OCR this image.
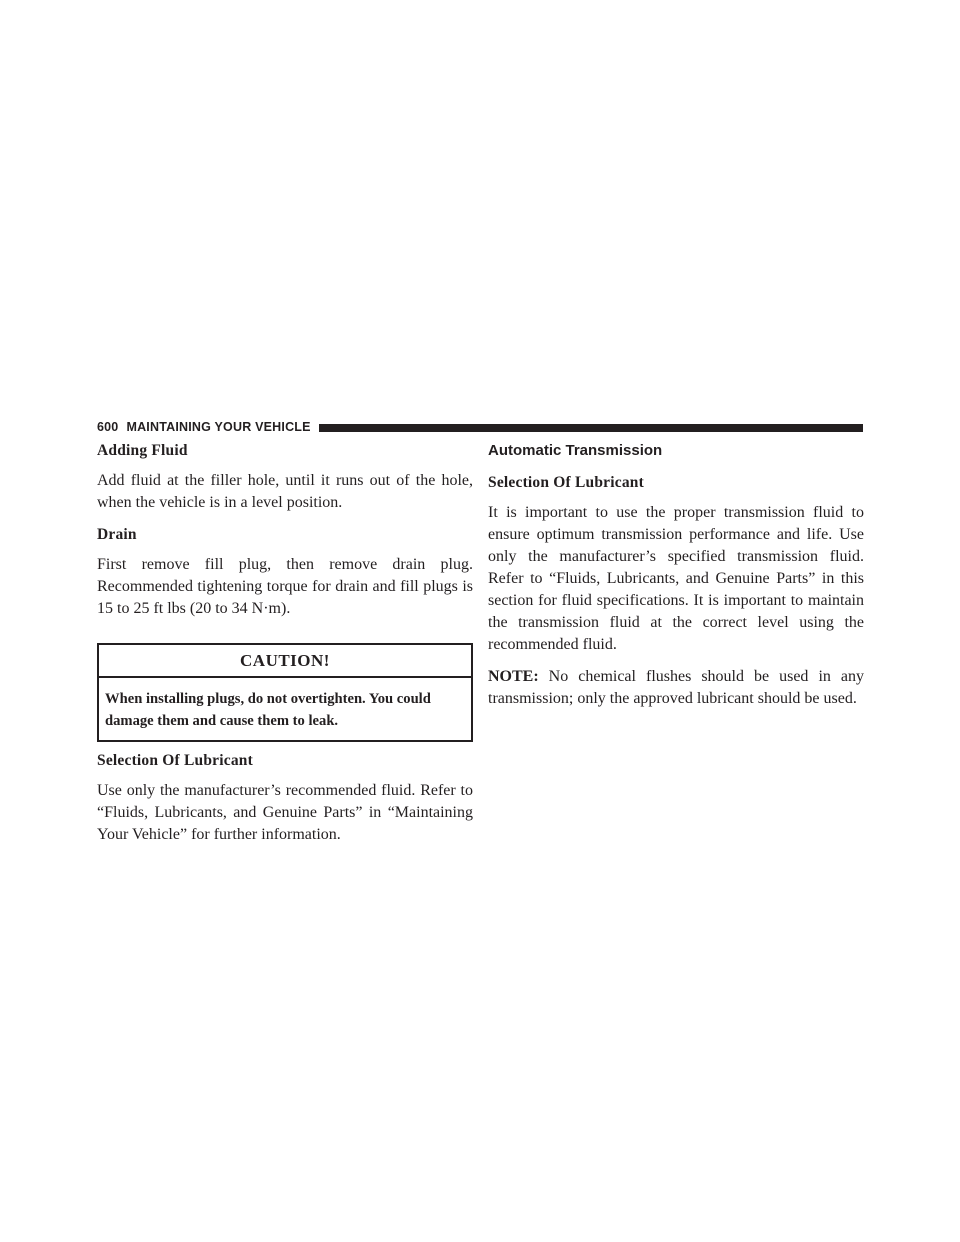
600 MAINTAINING YOUR VEHICLE

Adding Fluid

Add fluid at the filler hole, until it runs out of the hole, when the vehicle is in a level position.

Drain

First remove fill plug, then remove drain plug. Recommended tightening torque for drain and fill plugs is 15 to 25 ft lbs (20 to 34 N·m).

CAUTION!
When installing plugs, do not overtighten. You could damage them and cause them to leak.

Selection Of Lubricant

Use only the manufacturer’s recommended fluid. Refer to “Fluids, Lubricants, and Genuine Parts” in “Maintaining Your Vehicle” for further information.

Automatic Transmission

Selection Of Lubricant

It is important to use the proper transmission fluid to ensure optimum transmission performance and life. Use only the manufacturer’s specified transmission fluid. Refer to “Fluids, Lubricants, and Genuine Parts” in this section for fluid specifications. It is important to maintain the transmission fluid at the correct level using the recommended fluid.

NOTE: No chemical flushes should be used in any transmission; only the approved lubricant should be used.
